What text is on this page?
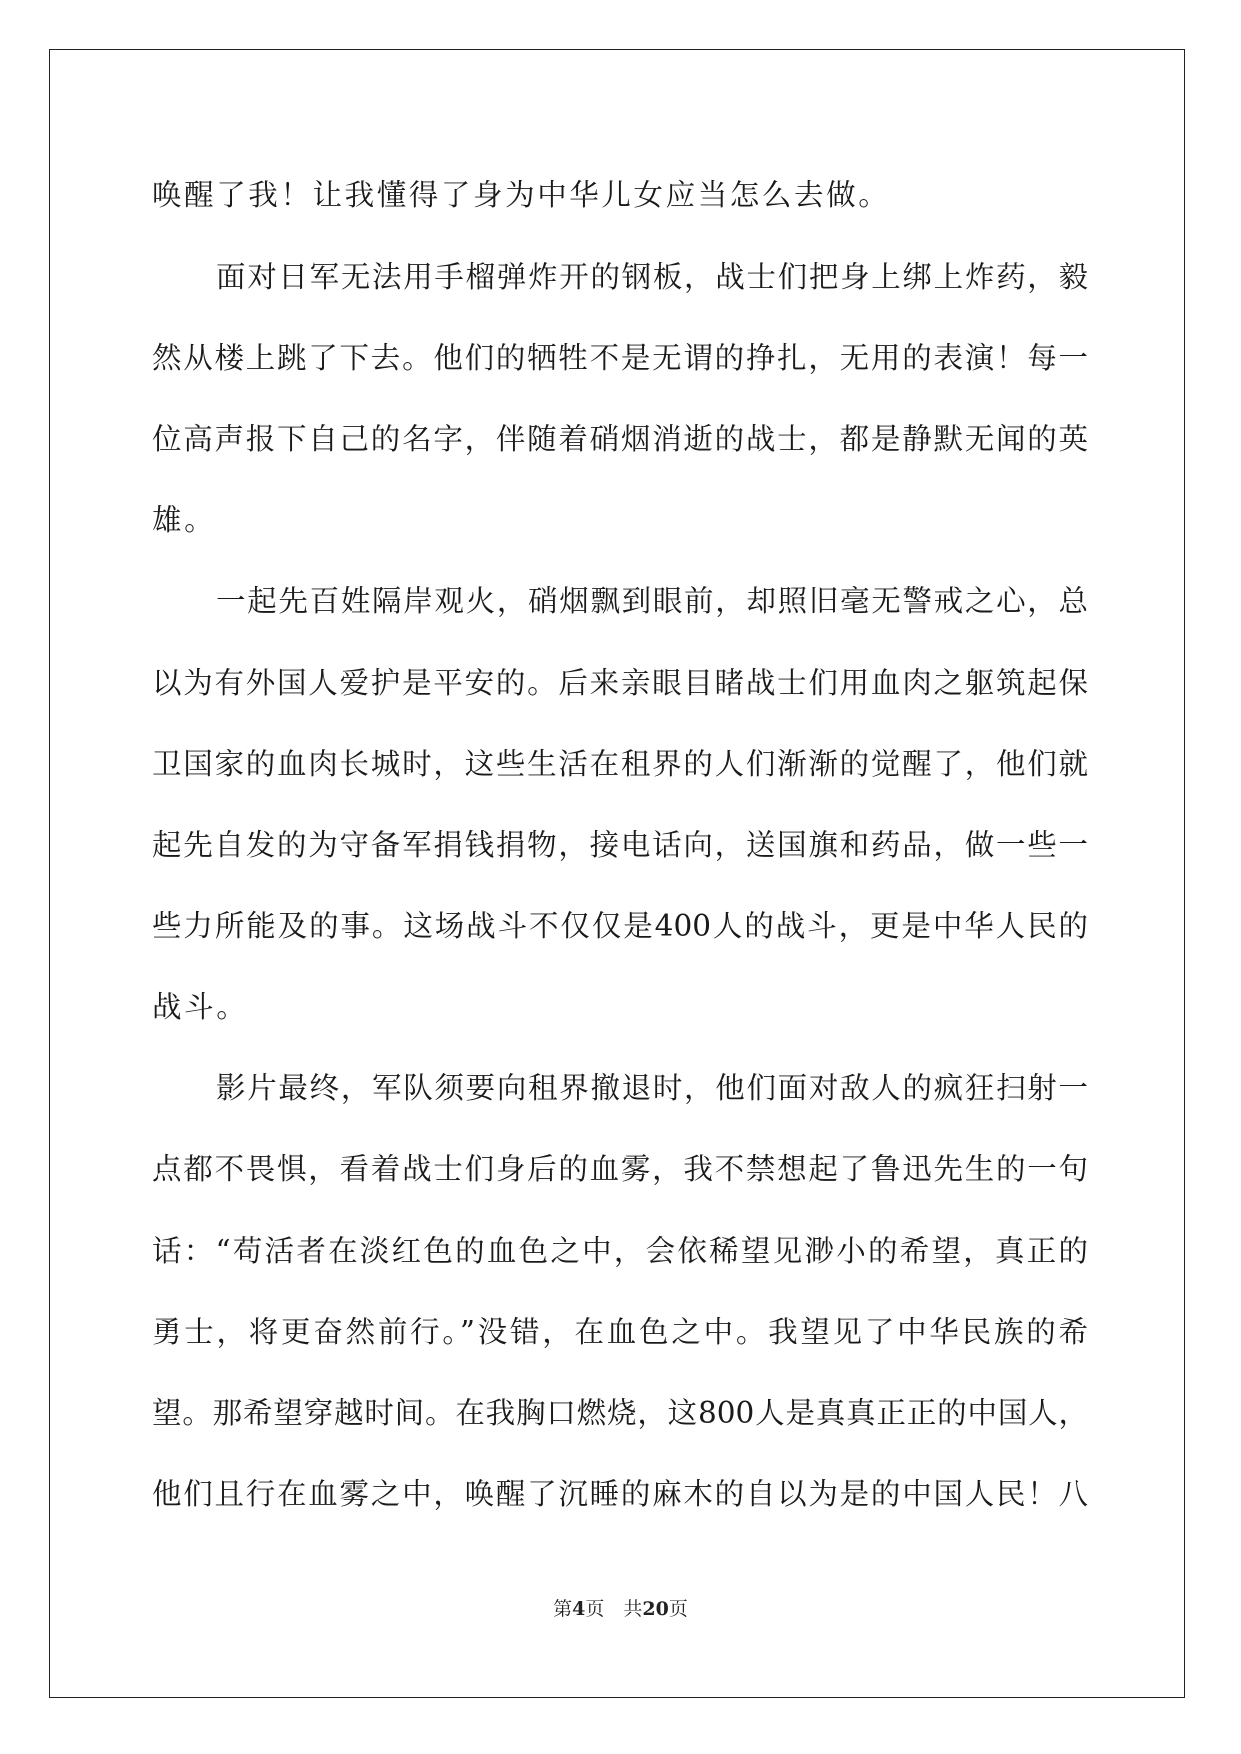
唤醒了我！让我懂得了身为中华儿女应当怎么去做。
面对日军无法用手榴弹炸开的钢板，战士们把身上绑上炸药，毅
然从楼上跳了下去。他们的牺牲不是无谓的挣扎，无用的表演！每一
位高声报下自己的名字，伴随着硝烟消逝的战士，都是静默无闻的英
雄。
一起先百姓隔岸观火，硝烟飘到眼前，却照旧毫无警戒之心，总
以为有外国人爱护是平安的。后来亲眼目睹战士们用血肉之躯筑起保
卫国家的血肉长城时，这些生活在租界的人们渐渐的觉醒了，他们就
起先自发的为守备军捐钱捐物，接电话向，送国旗和药品，做一些一
些力所能及的事。这场战斗不仅仅是400人的战斗，更是中华人民的
战斗。
影片最终，军队须要向租界撤退时，他们面对敌人的疯狂扫射一
点都不畏惧，看着战士们身后的血雾，我不禁想起了鲁迅先生的一句
话：“苟活者在淡红色的血色之中，会依稀望见渺小的希望，真正的
勇士，将更奋然前行。”没错，在血色之中。我望见了中华民族的希
望。那希望穿越时间。在我胸口燃烧，这800人是真真正正的中国人，
他们且行在血雾之中，唤醒了沉睡的麻木的自以为是的中国人民！八
第4页　共20页
